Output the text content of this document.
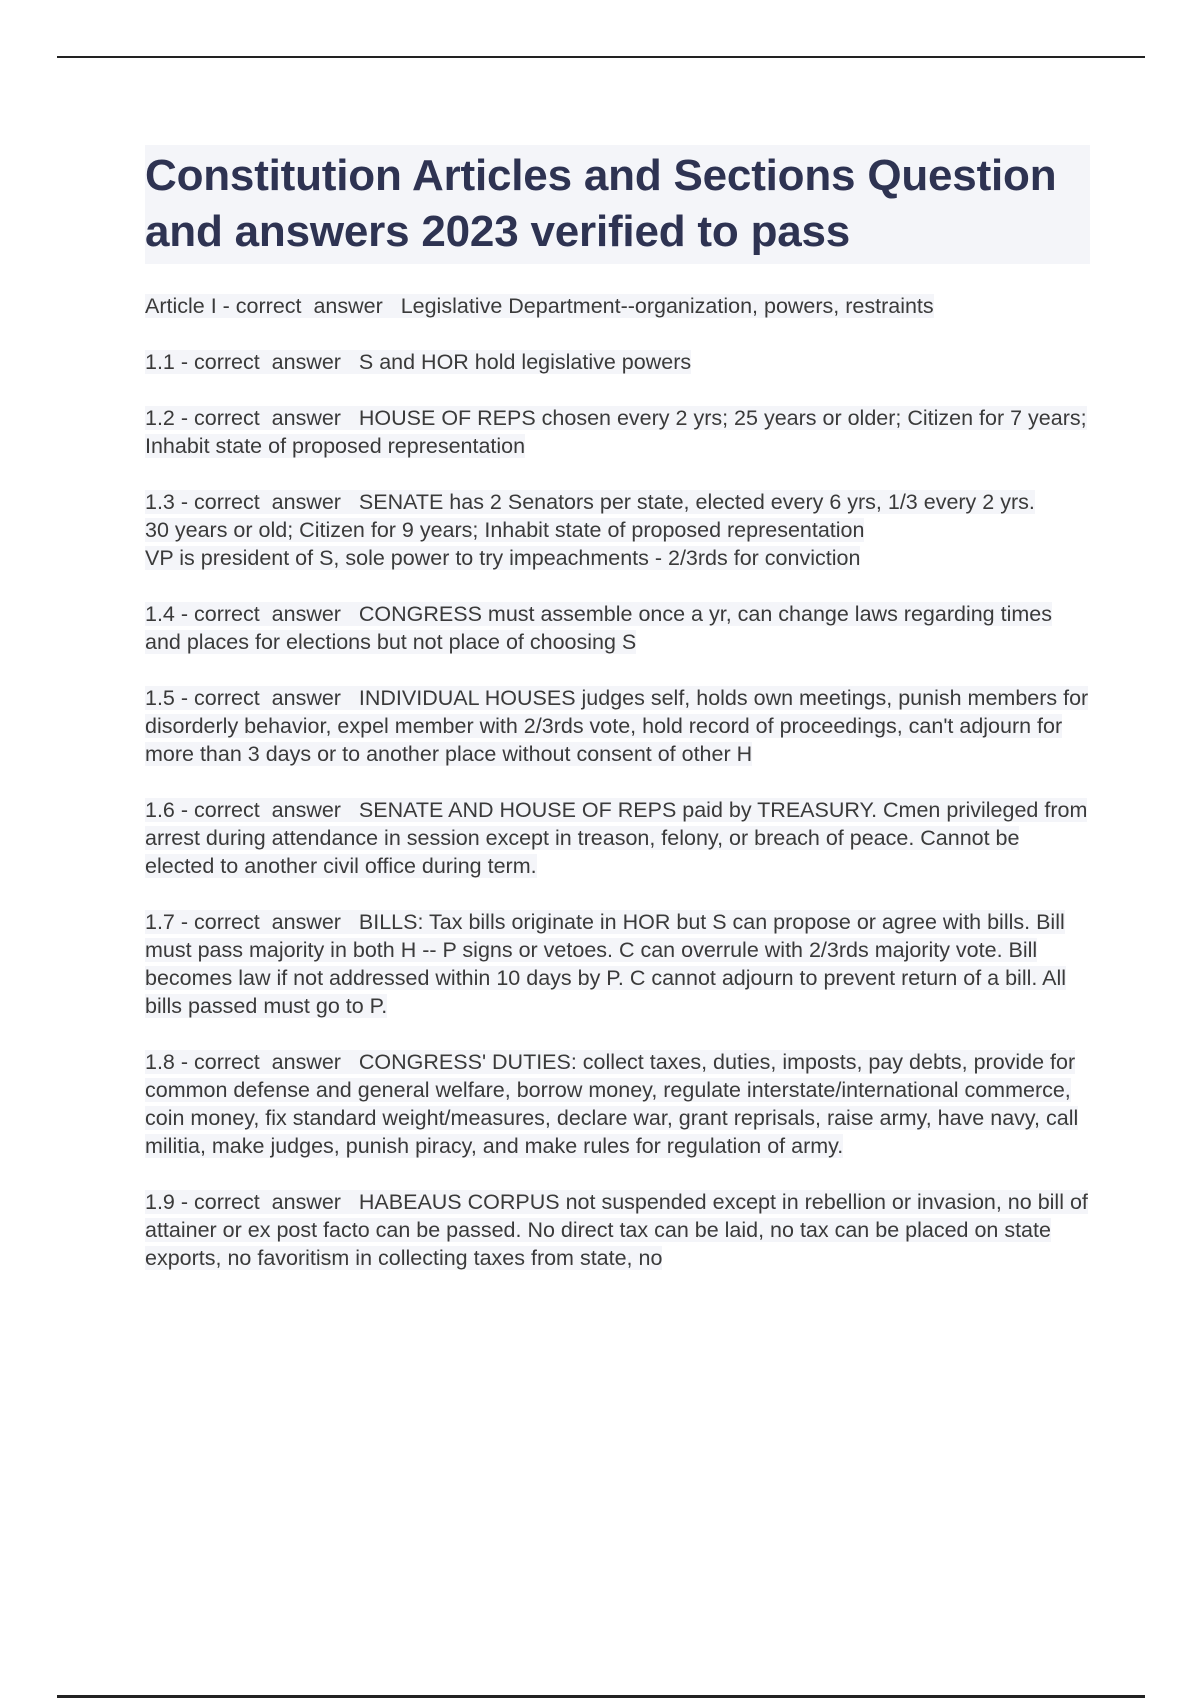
Constitution Articles and Sections Question and answers 2023 verified to pass

Article I - correct  answer   Legislative Department--organization, powers, restraints

1.1 - correct  answer   S and HOR hold legislative powers

1.2 - correct  answer   HOUSE OF REPS chosen every 2 yrs; 25 years or older; Citizen for 7 years; Inhabit state of proposed representation

1.3 - correct  answer   SENATE has 2 Senators per state, elected every 6 yrs, 1/3 every 2 yrs.
30 years or old; Citizen for 9 years; Inhabit state of proposed representation
VP is president of S, sole power to try impeachments - 2/3rds for conviction

1.4 - correct  answer   CONGRESS must assemble once a yr, can change laws regarding times and places for elections but not place of choosing S

1.5 - correct  answer   INDIVIDUAL HOUSES judges self, holds own meetings, punish members for disorderly behavior, expel member with 2/3rds vote, hold record of proceedings, can't adjourn for more than 3 days or to another place without consent of other H

1.6 - correct  answer   SENATE AND HOUSE OF REPS paid by TREASURY. Cmen privileged from arrest during attendance in session except in treason, felony, or breach of peace. Cannot be elected to another civil office during term.

1.7 - correct  answer   BILLS: Tax bills originate in HOR but S can propose or agree with bills. Bill must pass majority in both H -- P signs or vetoes. C can overrule with 2/3rds majority vote. Bill becomes law if not addressed within 10 days by P. C cannot adjourn to prevent return of a bill. All bills passed must go to P.

1.8 - correct  answer   CONGRESS' DUTIES: collect taxes, duties, imposts, pay debts, provide for common defense and general welfare, borrow money, regulate interstate/international commerce, coin money, fix standard weight/measures, declare war, grant reprisals, raise army, have navy, call militia, make judges, punish piracy, and make rules for regulation of army.

1.9 - correct  answer   HABEAUS CORPUS not suspended except in rebellion or invasion, no bill of attainer or ex post facto can be passed. No direct tax can be laid, no tax can be placed on state exports, no favoritism in collecting taxes from state, no
